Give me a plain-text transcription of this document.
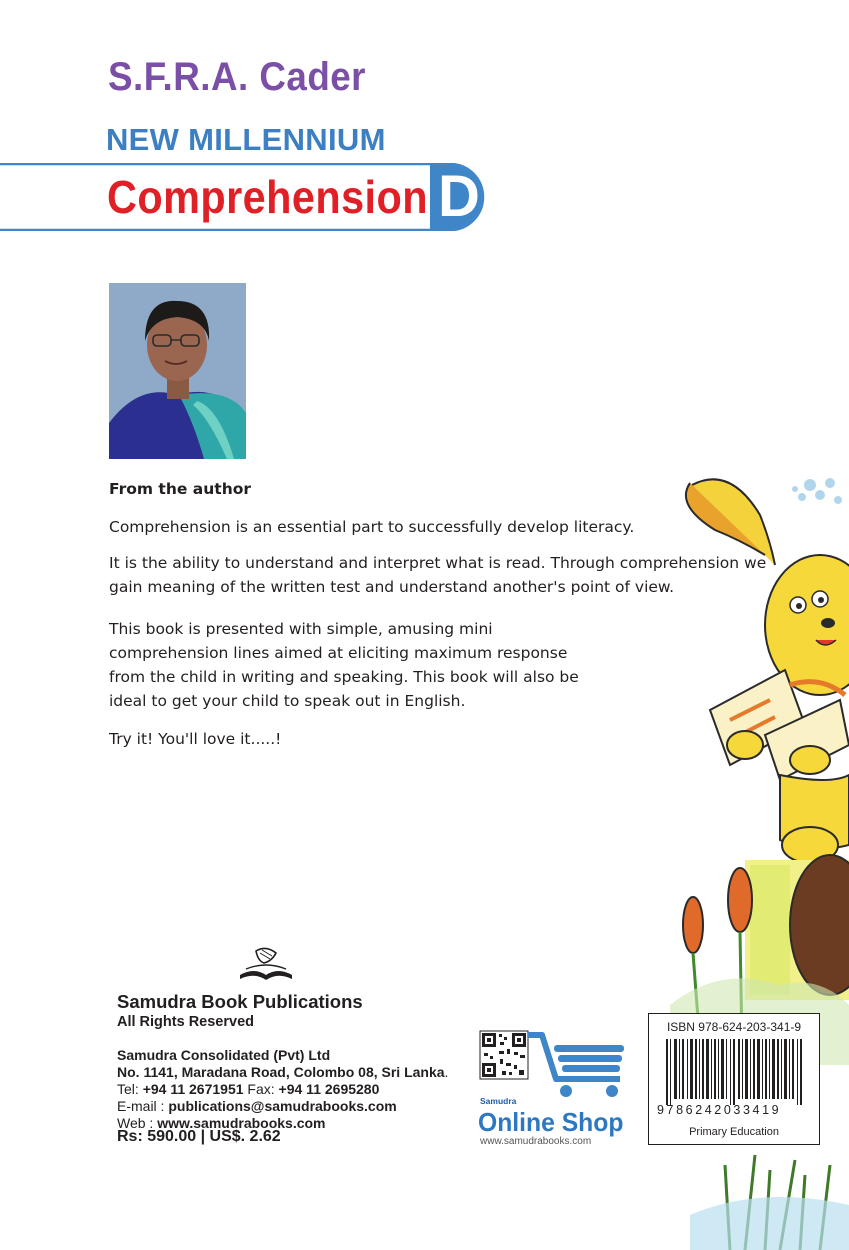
S.F.R.A. Cader
NEW MILLENNIUM
Comprehension D
From the author

Comprehension is an essential part to successfully develop literacy.

It is the ability to understand and interpret what is read. Through comprehension we gain meaning of the written test and understand another's point of view.

This book is presented with simple, amusing mini comprehension lines aimed at eliciting maximum response from the child in writing and speaking. This book will also be ideal to get your child to speak out in English.

Try it! You'll love it.....!

Samudra Book Publications
All Rights Reserved
Samudra Consolidated (Pvt) Ltd
No. 1141, Maradana Road, Colombo 08, Sri Lanka.
Tel: +94 11 2671951 Fax: +94 11 2695280
E-mail : publications@samudrabooks.com
Web : www.samudrabooks.com
Rs: 590.00 | US$. 2.62
Samudra
Online Shop
www.samudrabooks.com
ISBN 978-624-203-341-9
9786242033419
Primary Education
